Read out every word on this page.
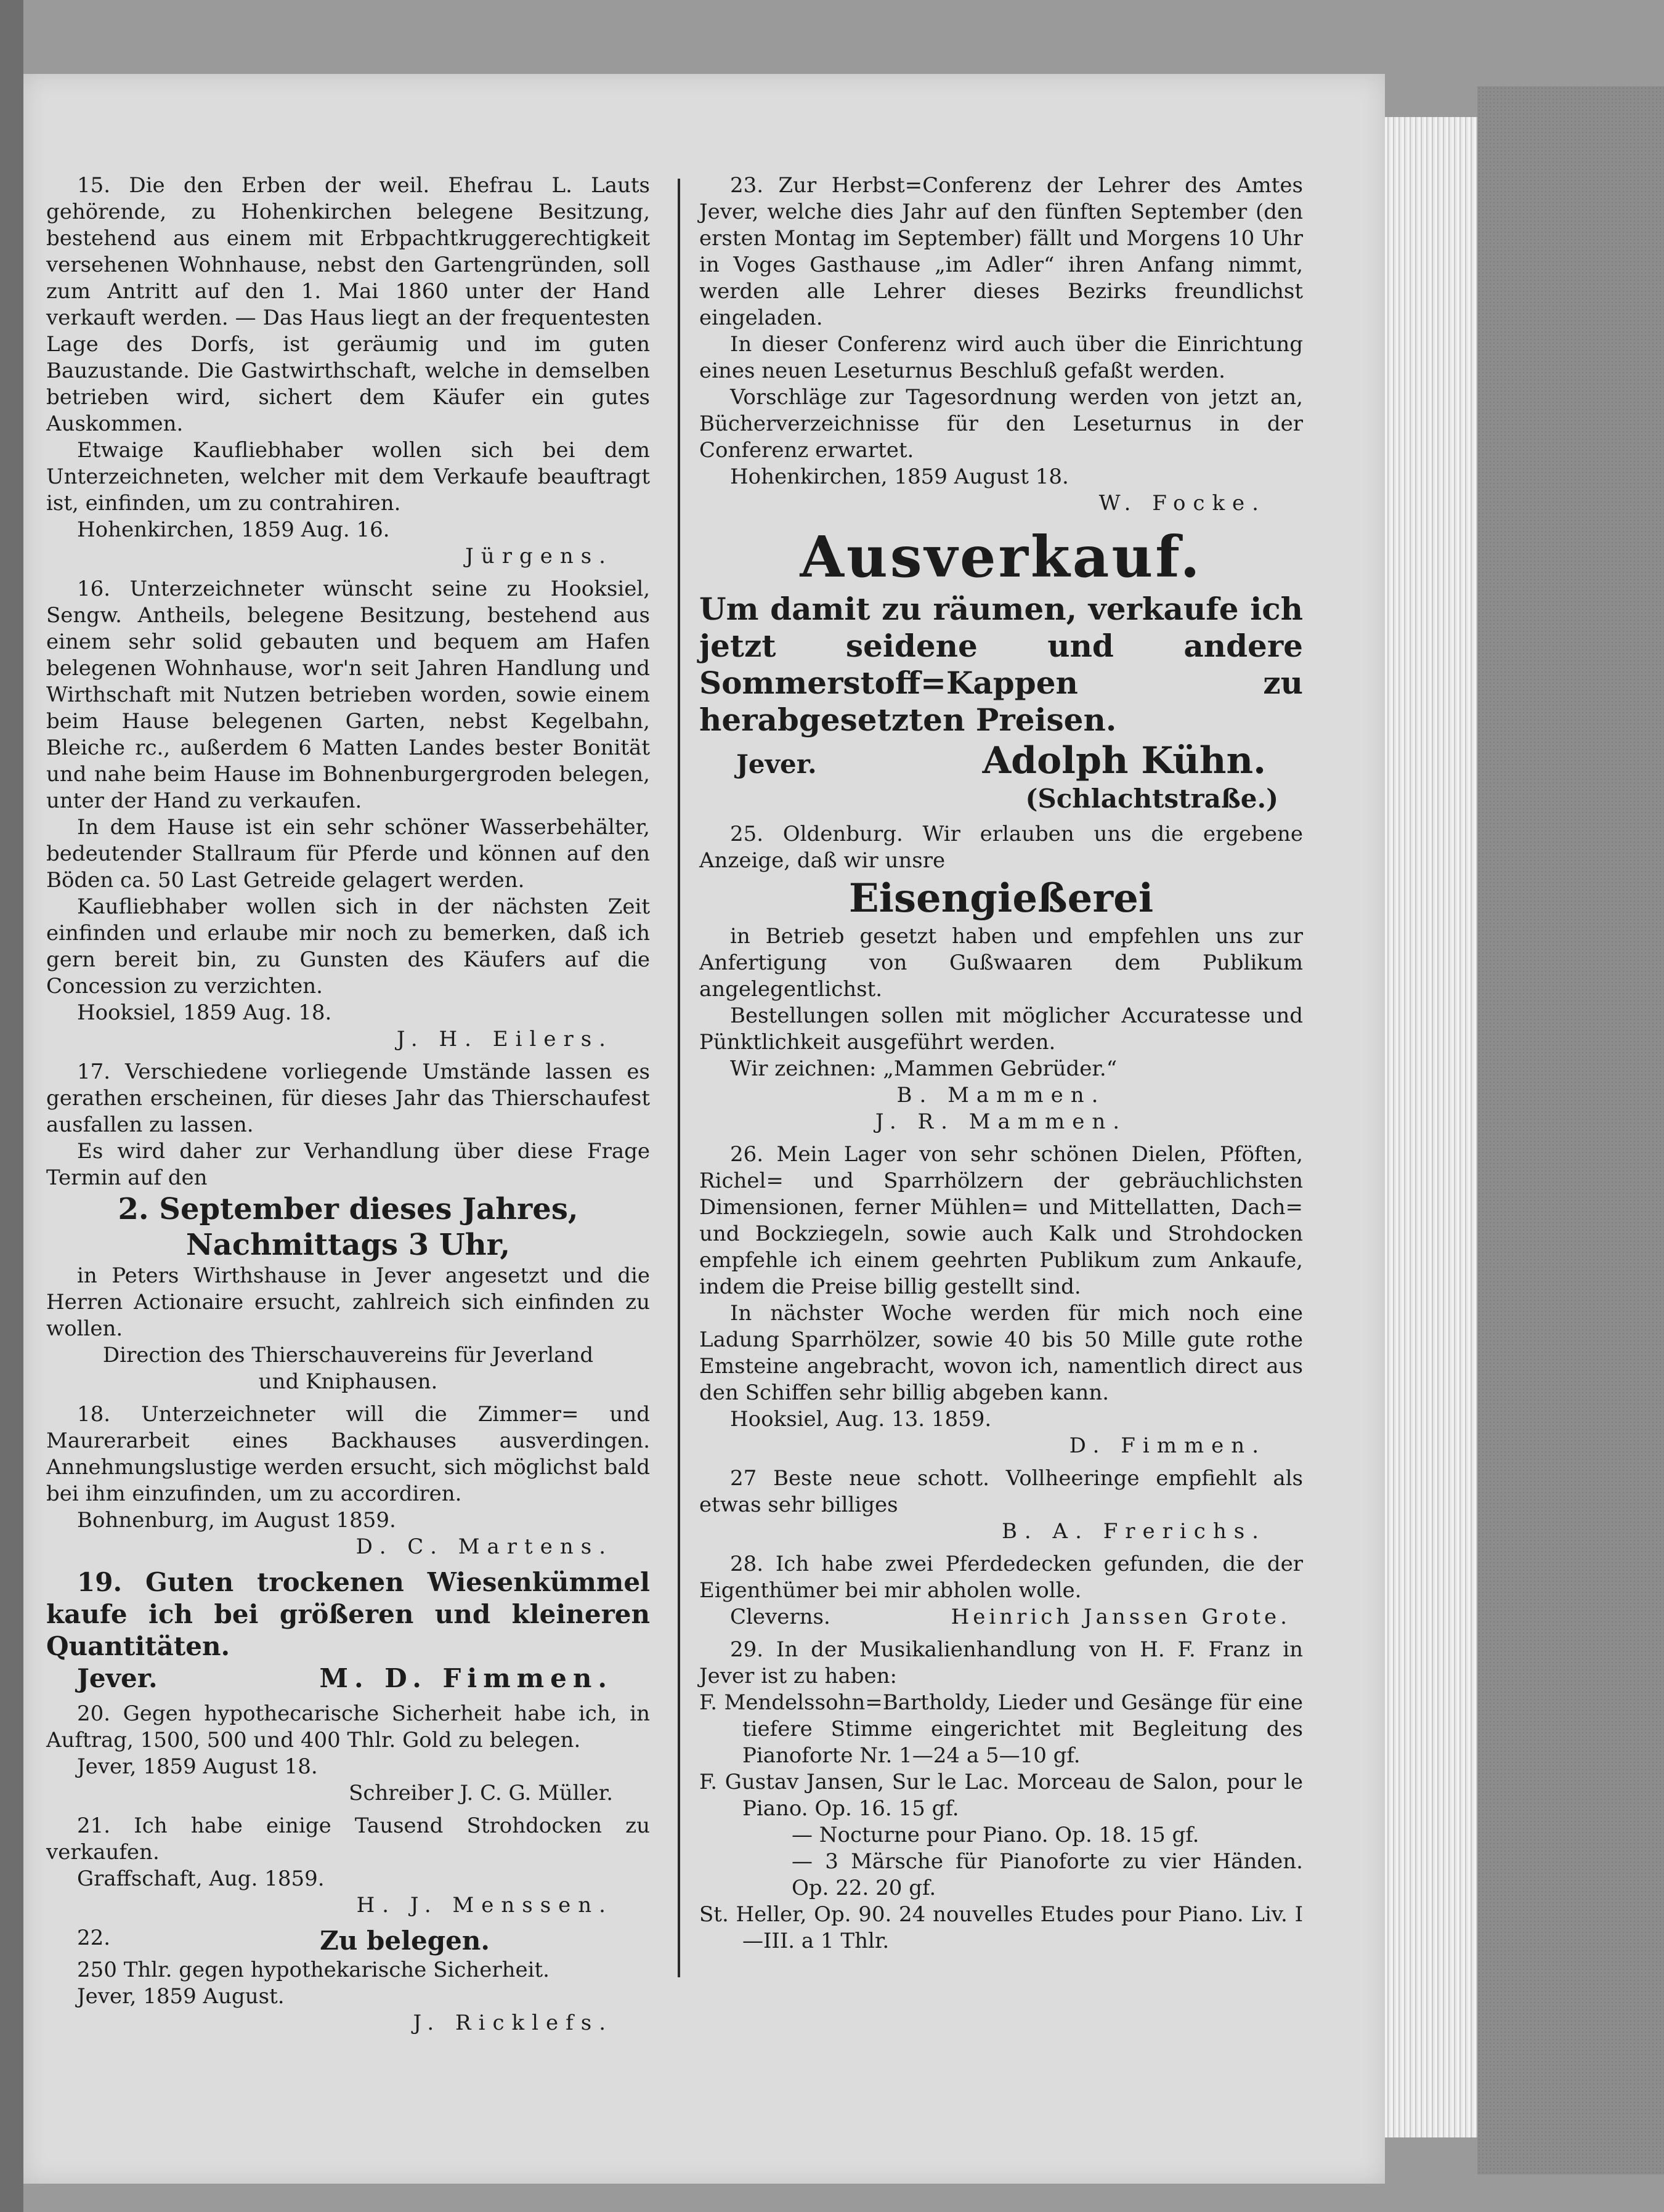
15. Die den Erben der weil. Ehefrau L. Lauts gehörende, zu Hohenkirchen belegene Besitzung, bestehend aus einem mit Erbpachtkruggerechtigkeit versehenen Wohnhause, nebst den Gartengründen, soll zum Antritt auf den 1. Mai 1860 unter der Hand verkauft werden. — Das Haus liegt an der frequentesten Lage des Dorfs, ist geräumig und im guten Bauzustande. Die Gastwirthschaft, welche in demselben betrieben wird, sichert dem Käufer ein gutes Auskommen.

Etwaige Kaufliebhaber wollen sich bei dem Unterzeichneten, welcher mit dem Verkaufe beauftragt ist, einfinden, um zu contrahiren.

Hohenkirchen, 1859 Aug. 16.

Jürgens.

16. Unterzeichneter wünscht seine zu Hooksiel, Sengw. Antheils, belegene Besitzung, bestehend aus einem sehr solid gebauten und bequem am Hafen belegenen Wohnhause, wor'n seit Jahren Handlung und Wirthschaft mit Nutzen betrieben worden, sowie einem beim Hause belegenen Garten, nebst Kegelbahn, Bleiche rc., außerdem 6 Matten Landes bester Bonität und nahe beim Hause im Bohnenburgergroden belegen, unter der Hand zu verkaufen.

In dem Hause ist ein sehr schöner Wasserbehälter, bedeutender Stallraum für Pferde und können auf den Böden ca. 50 Last Getreide gelagert werden.

Kaufliebhaber wollen sich in der nächsten Zeit einfinden und erlaube mir noch zu bemerken, daß ich gern bereit bin, zu Gunsten des Käufers auf die Concession zu verzichten.

Hooksiel, 1859 Aug. 18.

J. H. Eilers.

17. Verschiedene vorliegende Umstände lassen es gerathen erscheinen, für dieses Jahr das Thierschaufest ausfallen zu lassen.

Es wird daher zur Verhandlung über diese Frage Termin auf den

2. September dieses Jahres,

Nachmittags 3 Uhr,

in Peters Wirthshause in Jever angesetzt und die Herren Actionaire ersucht, zahlreich sich einfinden zu wollen.

Direction des Thierschauvereins für Jeverland

und Kniphausen.

18. Unterzeichneter will die Zimmer= und Maurerarbeit eines Backhauses ausverdingen. Annehmungslustige werden ersucht, sich möglichst bald bei ihm einzufinden, um zu accordiren.

Bohnenburg, im August 1859.

D. C. Martens.

19. Guten trockenen Wiesenkümmel kaufe ich bei größeren und kleineren Quantitäten.

Jever.	M. D. Fimmen.

20. Gegen hypothecarische Sicherheit habe ich, in Auftrag, 1500, 500 und 400 Thlr. Gold zu belegen.

Jever, 1859 August 18.

Schreiber J. C. G. Müller.

21. Ich habe einige Tausend Strohdocken zu verkaufen.

Graffschaft, Aug. 1859.

H. J. Menssen.

22.	Zu belegen.

250 Thlr. gegen hypothekarische Sicherheit.

Jever, 1859 August.

J. Ricklefs.

23. Zur Herbst=Conferenz der Lehrer des Amtes Jever, welche dies Jahr auf den fünften September (den ersten Montag im September) fällt und Morgens 10 Uhr in Voges Gasthause „im Adler“ ihren Anfang nimmt, werden alle Lehrer dieses Bezirks freundlichst eingeladen.

In dieser Conferenz wird auch über die Einrichtung eines neuen Leseturnus Beschluß gefaßt werden.

Vorschläge zur Tagesordnung werden von jetzt an, Bücherverzeichnisse für den Leseturnus in der Conferenz erwartet.

Hohenkirchen, 1859 August 18.

W. Focke.

Ausverkauf.

Um damit zu räumen, verkaufe ich jetzt seidene und andere Sommerstoff=Kappen zu herabgesetzten Preisen.

Jever.	Adolph Kühn.

(Schlachtstraße.)

25. Oldenburg. Wir erlauben uns die ergebene Anzeige, daß wir unsre

Eisengießerei

in Betrieb gesetzt haben und empfehlen uns zur Anfertigung von Gußwaaren dem Publikum angelegentlichst.

Bestellungen sollen mit möglicher Accuratesse und Pünktlichkeit ausgeführt werden.

Wir zeichnen: „Mammen Gebrüder.“

B. Mammen.

J. R. Mammen.

26. Mein Lager von sehr schönen Dielen, Pföften, Richel= und Sparrhölzern der gebräuchlichsten Dimensionen, ferner Mühlen= und Mittellatten, Dach= und Bockziegeln, sowie auch Kalk und Strohdocken empfehle ich einem geehrten Publikum zum Ankaufe, indem die Preise billig gestellt sind.

In nächster Woche werden für mich noch eine Ladung Sparrhölzer, sowie 40 bis 50 Mille gute rothe Emsteine angebracht, wovon ich, namentlich direct aus den Schiffen sehr billig abgeben kann.

Hooksiel, Aug. 13. 1859.

D. Fimmen.

27 Beste neue schott. Vollheeringe empfiehlt als etwas sehr billiges

B. A. Frerichs.

28. Ich habe zwei Pferdedecken gefunden, die der Eigenthümer bei mir abholen wolle.

Cleverns.	Heinrich Janssen Grote.

29. In der Musikalienhandlung von H. F. Franz in Jever ist zu haben:

F. Mendelssohn=Bartholdy, Lieder und Gesänge für eine tiefere Stimme eingerichtet mit Begleitung des Pianoforte Nr. 1—24 a 5—10 gf.

F. Gustav Jansen, Sur le Lac. Morceau de Salon, pour le Piano. Op. 16. 15 gf.

— Nocturne pour Piano. Op. 18. 15 gf.

— 3 Märsche für Pianoforte zu vier Händen. Op. 22. 20 gf.

St. Heller, Op. 90. 24 nouvelles Etudes pour Piano. Liv. I—III. a 1 Thlr.
